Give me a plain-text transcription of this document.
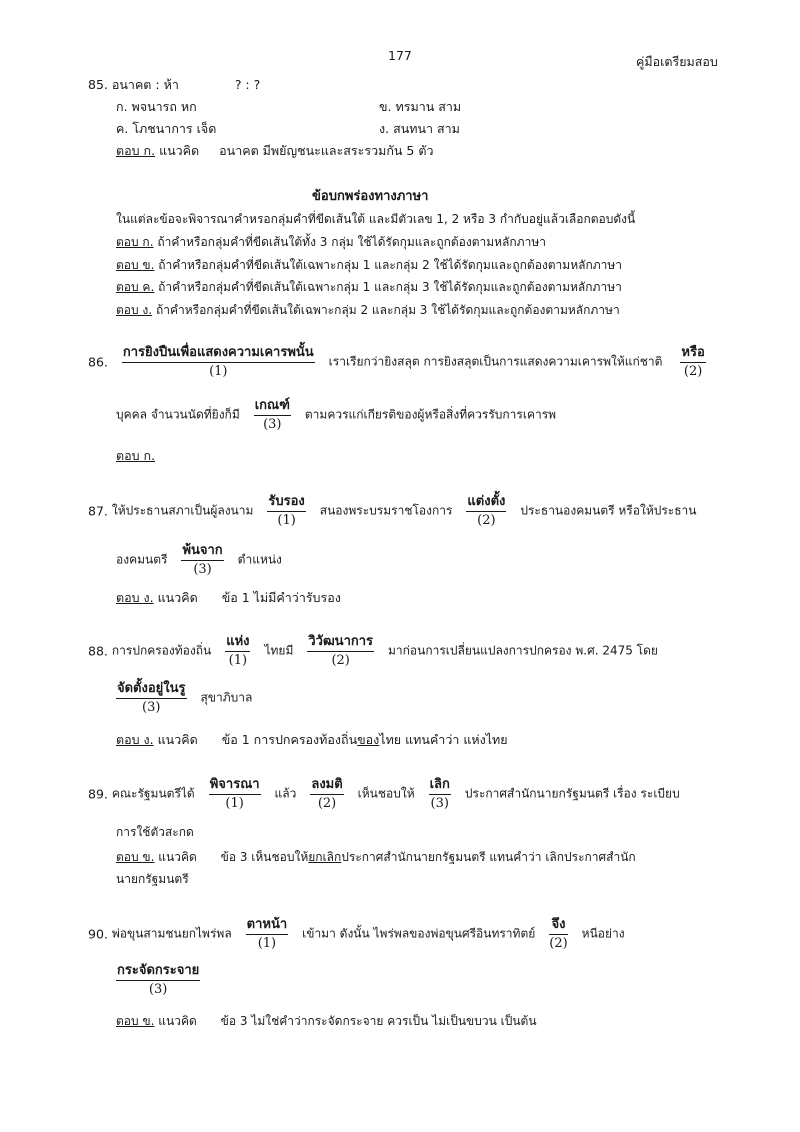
177	คู่มือเตรียมสอบ
85. อนาคต : ห้า	? : ?
ก. พจนารถ หก	ข. ทรมาน สาม
ค. โภชนาการ เจ็ด	ง. สนทนา สาม
ตอบ ก. แนวคิด อนาคต มีพยัญชนะและสระรวมกัน 5 ตัว
ข้อบกพร่องทางภาษา
ในแต่ละข้อจะพิจารณาคำหรอกลุ่มคำที่ขีดเส้นใต้ และมีตัวเลข 1, 2 หรือ 3 กำกับอยู่แล้วเลือกตอบดังนี้
ตอบ ก. ถ้าคำหรือกลุ่มคำที่ขีดเส้นใต้ทั้ง 3 กลุ่ม ใช้ได้รัดกุมและถูกต้องตามหลักภาษา
ตอบ ข. ถ้าคำหรือกลุ่มคำที่ขีดเส้นใต้เฉพาะกลุ่ม 1 และกลุ่ม 2 ใช้ได้รัดกุมและถูกต้องตามหลักภาษา
ตอบ ค. ถ้าคำหรือกลุ่มคำที่ขีดเส้นใต้เฉพาะกลุ่ม 1 และกลุ่ม 3 ใช้ได้รัดกุมและถูกต้องตามหลักภาษา
ตอบ ง. ถ้าคำหรือกลุ่มคำที่ขีดเส้นใต้เฉพาะกลุ่ม 2 และกลุ่ม 3 ใช้ได้รัดกุมและถูกต้องตามหลักภาษา
86. $\frac{\text{การยิงปืนเพื่อแสดงความเคารพนั้น}}{(1)}$ เราเรียกว่ายิงสลุต การยิงสลุตเป็นการแสดงความเคารพให้แก่ชาติ $\frac{\text{หรือ}}{(2)}$
บุคคล จำนวนนัดที่ยิงก็มี $\frac{\text{เกณฑ์}}{(3)}$ ตามควรแก่เกียรติของผู้หรือสิ่งที่ควรรับการเคารพ
ตอบ ก.
87. ให้ประธานสภาเป็นผู้ลงนาม $\frac{\text{รับรอง}}{(1)}$ สนองพระบรมราชโองการ $\frac{\text{แต่งตั้ง}}{(2)}$ ประธานองคมนตรี หรือให้ประธาน
องคมนตรี $\frac{\text{พ้นจาก}}{(3)}$ ตำแหน่ง
ตอบ ง. แนวคิด ข้อ 1 ไม่มีคำว่ารับรอง
88. การปกครองท้องถิ่น $\frac{\text{แห่ง}}{(1)}$ ไทยมี $\frac{\text{วิวัฒนาการ}}{(2)}$ มาก่อนการเปลี่ยนแปลงการปกครอง พ.ศ. 2475 โดย
$\frac{\text{จัดตั้งอยู่ในรู}}{(3)}$ สุขาภิบาล
ตอบ ง. แนวคิด ข้อ 1 การปกครองท้องถิ่นของไทย แทนคำว่า แห่งไทย
89. คณะรัฐมนตรีได้ $\frac{\text{พิจารณา}}{(1)}$ แล้ว $\frac{\text{ลงมติ}}{(2)}$ เห็นชอบให้ $\frac{\text{เลิก}}{(3)}$ ประกาศสำนักนายกรัฐมนตรี เรื่อง ระเบียบ
การใช้ตัวสะกด
ตอบ ข. แนวคิด ข้อ 3 เห็นชอบให้ยกเลิกประกาศสำนักนายกรัฐมนตรี แทนคำว่า เลิกประกาศสำนัก
นายกรัฐมนตรี
90. พ่อขุนสามชนยกไพร่พล $\frac{\text{ตาหน้า}}{(1)}$ เข้ามา ดังนั้น ไพร่พลของพ่อขุนศรีอินทราทิตย์ $\frac{\text{จึง}}{(2)}$ หนีอย่าง
$\frac{\text{กระจัดกระจาย}}{(3)}$
ตอบ ข. แนวคิด ข้อ 3 ไม่ใช่คำว่ากระจัดกระจาย ควรเป็น ไม่เป็นขบวน เป็นต้น
